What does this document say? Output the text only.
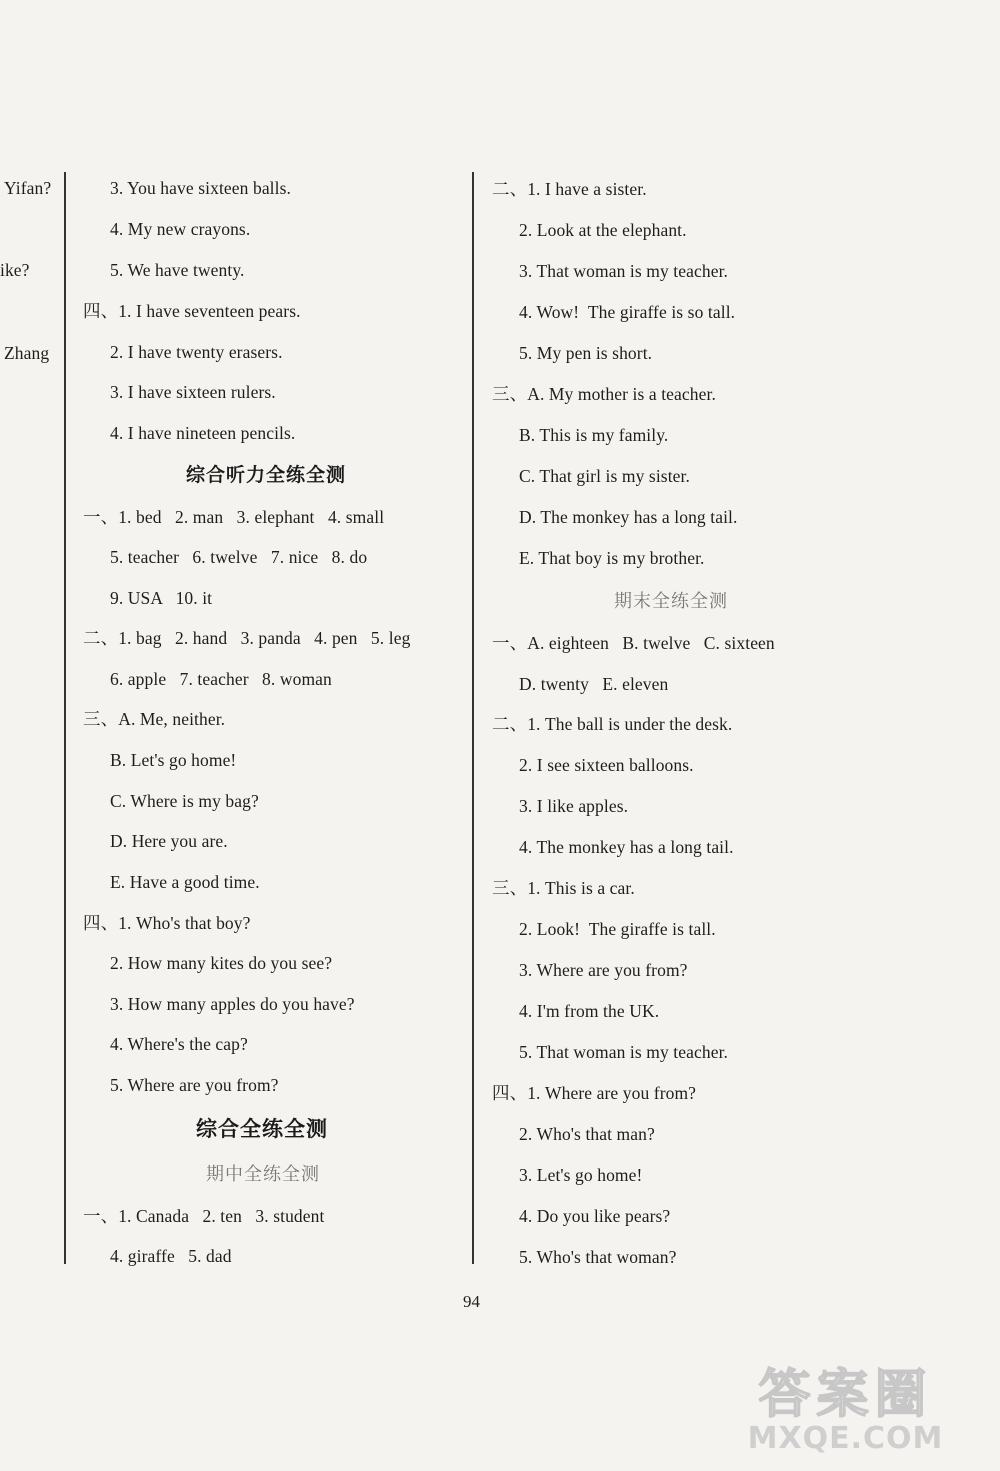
Yifan?
ike?
Zhang
3. You have sixteen balls.
4. My new crayons.
5. We have twenty.
四、1. I have seventeen pears.
2. I have twenty erasers.
3. I have sixteen rulers.
4. I have nineteen pencils.
综合听力全练全测
一、1. bed   2. man   3. elephant   4. small
5. teacher   6. twelve   7. nice   8. do
9. USA   10. it
二、1. bag   2. hand   3. panda   4. pen   5. leg
6. apple   7. teacher   8. woman
三、A. Me, neither.
B. Let's go home!
C. Where is my bag?
D. Here you are.
E. Have a good time.
四、1. Who's that boy?
2. How many kites do you see?
3. How many apples do you have?
4. Where's the cap?
5. Where are you from?
综合全练全测
期中全练全测
一、1. Canada   2. ten   3. student
4. giraffe   5. dad
二、1. I have a sister.
2. Look at the elephant.
3. That woman is my teacher.
4. Wow!  The giraffe is so tall.
5. My pen is short.
三、A. My mother is a teacher.
B. This is my family.
C. That girl is my sister.
D. The monkey has a long tail.
E. That boy is my brother.
期末全练全测
一、A. eighteen   B. twelve   C. sixteen
D. twenty   E. eleven
二、1. The ball is under the desk.
2. I see sixteen balloons.
3. I like apples.
4. The monkey has a long tail.
三、1. This is a car.
2. Look!  The giraffe is tall.
3. Where are you from?
4. I'm from the UK.
5. That woman is my teacher.
四、1. Where are you from?
2. Who's that man?
3. Let's go home!
4. Do you like pears?
5. Who's that woman?
94
答案圈
MXQE.COM
